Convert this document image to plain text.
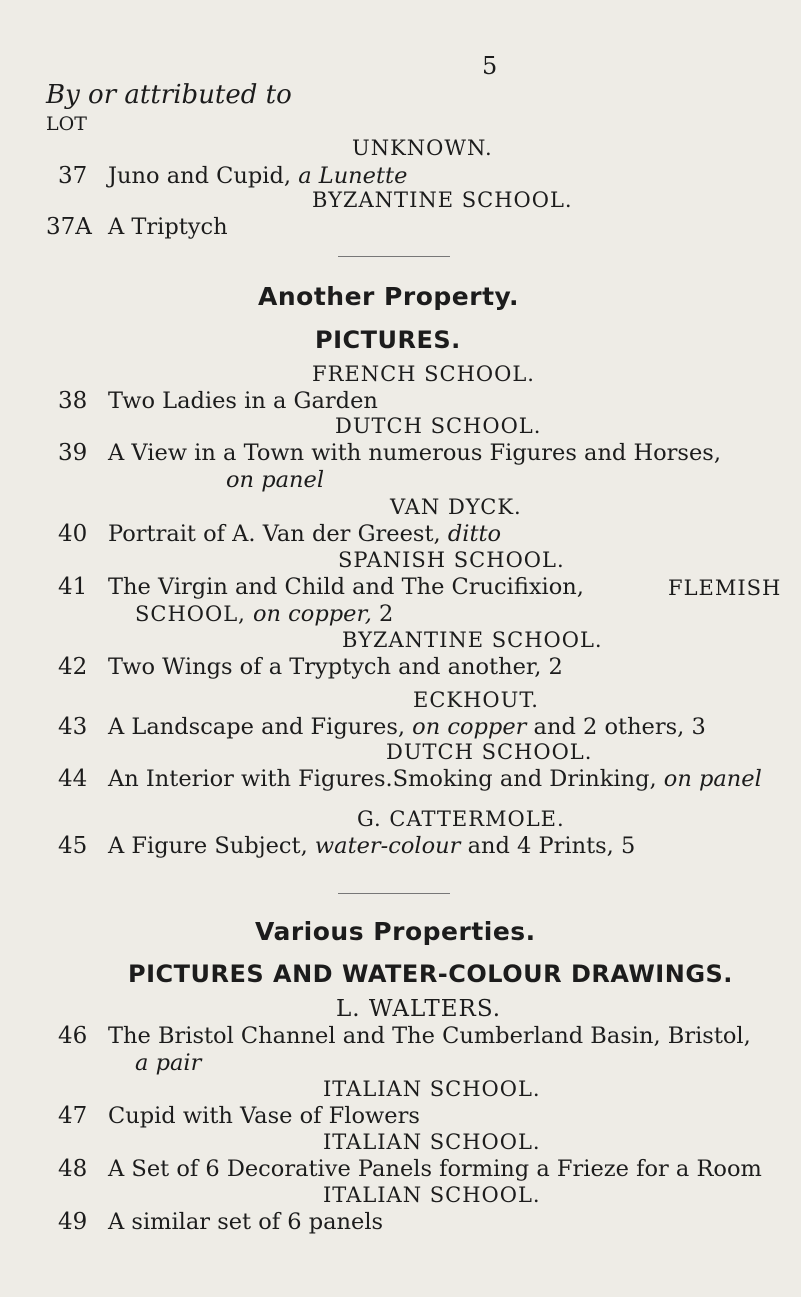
5
By or attributed to
LOT
UNKNOWN.
37 Juno and Cupid, a Lunette
BYZANTINE SCHOOL.
37A A Triptych
Another Property.
PICTURES.
FRENCH SCHOOL.
38 Two Ladies in a Garden
DUTCH SCHOOL.
39 A View in a Town with numerous Figures and Horses,
on panel
VAN DYCK.
40 Portrait of A. Van der Greest, ditto
SPANISH SCHOOL.
41 The Virgin and Child and The Crucifixion,	FLEMISH
SCHOOL, on copper, 2
BYZANTINE SCHOOL.
42 Two Wings of a Tryptych and another, 2
ECKHOUT.
43 A Landscape and Figures, on copper and 2 others, 3
DUTCH SCHOOL.
44 An Interior with Figures.Smoking and Drinking, on panel
G. CATTERMOLE.
45 A Figure Subject, water-colour and 4 Prints, 5
Various Properties.
PICTURES AND WATER-COLOUR DRAWINGS.
L. WALTERS.
46 The Bristol Channel and The Cumberland Basin, Bristol,
a pair
ITALIAN SCHOOL.
47 Cupid with Vase of Flowers
ITALIAN SCHOOL.
48 A Set of 6 Decorative Panels forming a Frieze for a Room
ITALIAN SCHOOL.
49 A similar set of 6 panels
